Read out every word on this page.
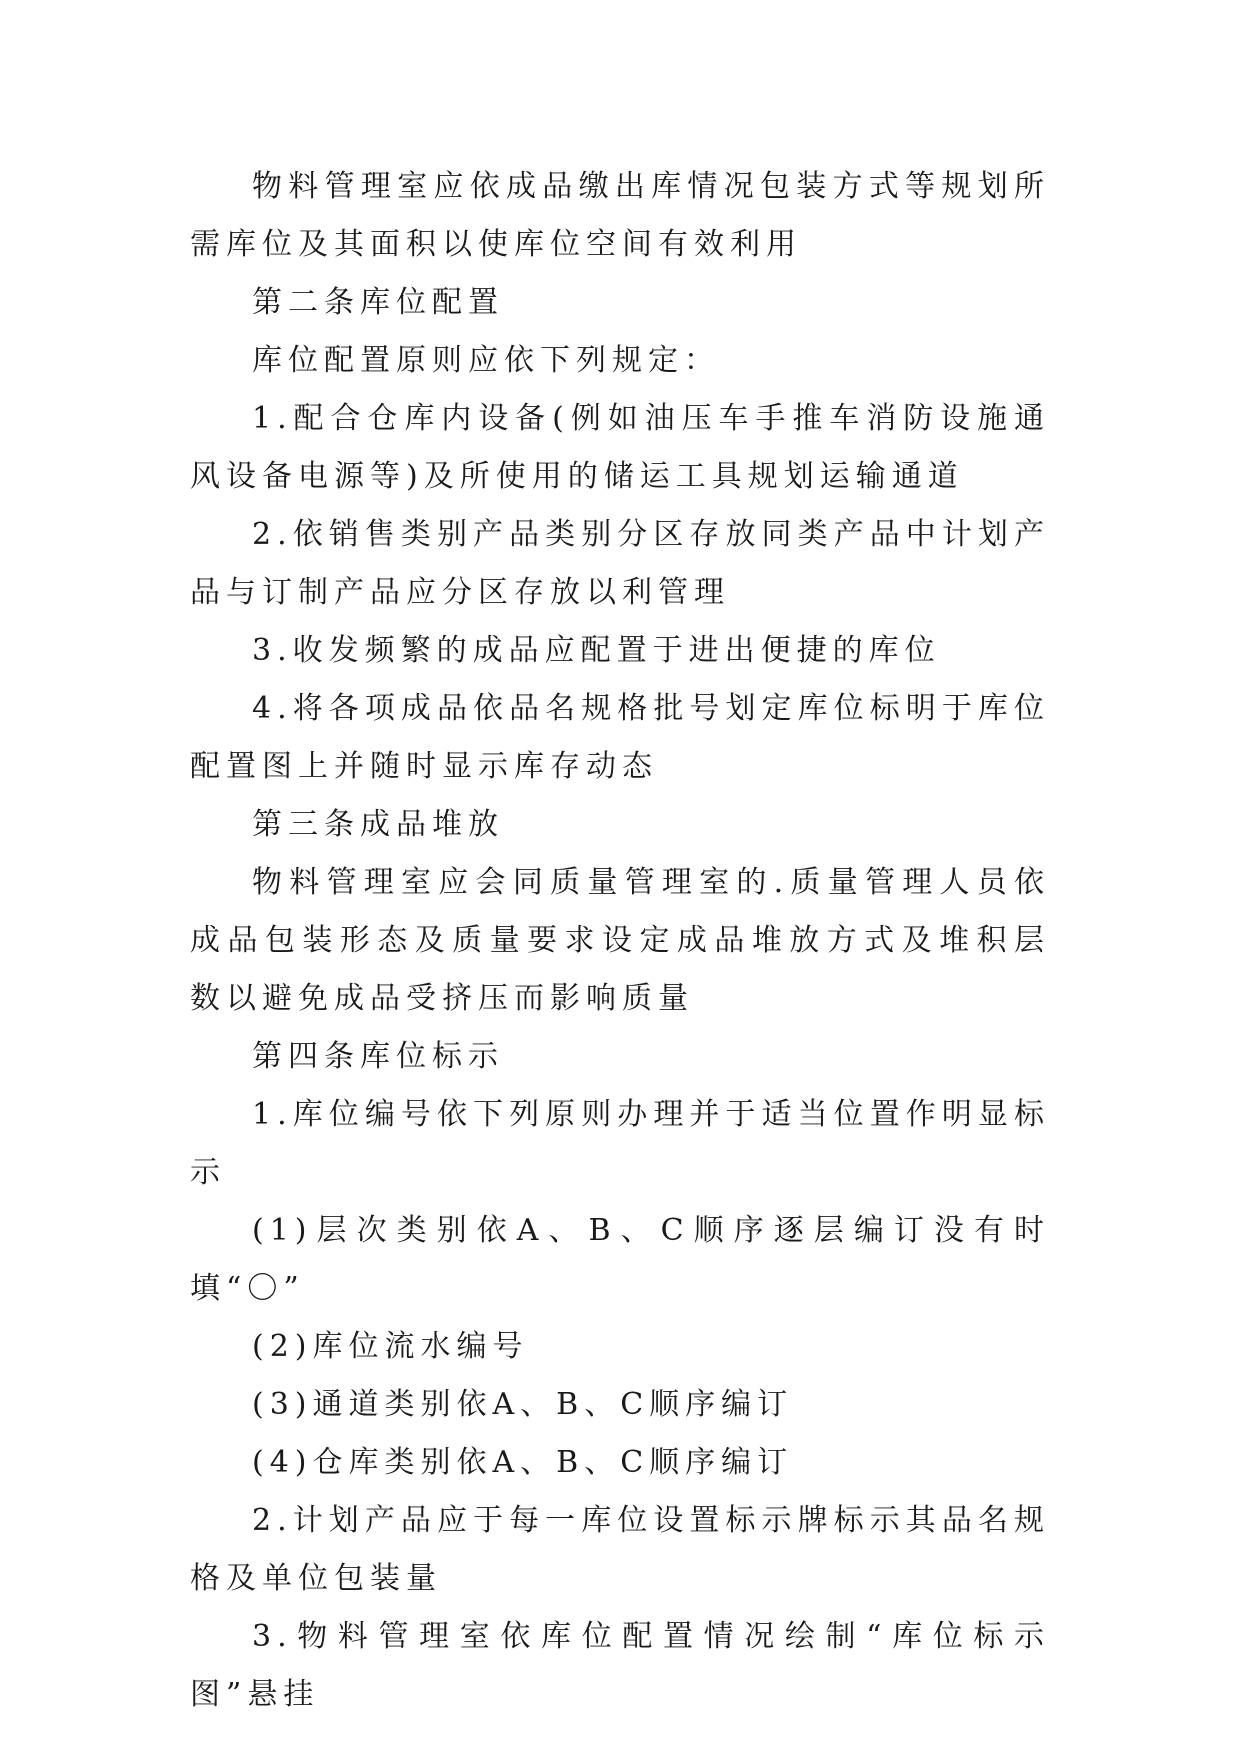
物料管理室应依成品缴出库情况包装方式等规划所需库位及其面积以使库位空间有效利用

第二条库位配置

库位配置原则应依下列规定：

1.配合仓库内设备(例如油压车手推车消防设施通风设备电源等)及所使用的储运工具规划运输通道

2.依销售类别产品类别分区存放同类产品中计划产品与订制产品应分区存放以利管理

3.收发频繁的成品应配置于进出便捷的库位

4.将各项成品依品名规格批号划定库位标明于库位配置图上并随时显示库存动态

第三条成品堆放

物料管理室应会同质量管理室的.质量管理人员依成品包装形态及质量要求设定成品堆放方式及堆积层数以避免成品受挤压而影响质量

第四条库位标示

1.库位编号依下列原则办理并于适当位置作明显标示

(1)层次类别依A、B、C顺序逐层编订没有时填“〇”

(2)库位流水编号

(3)通道类别依A、B、C顺序编订

(4)仓库类别依A、B、C顺序编订

2.计划产品应于每一库位设置标示牌标示其品名规格及单位包装量

3.物料管理室依库位配置情况绘制“库位标示图”悬挂
